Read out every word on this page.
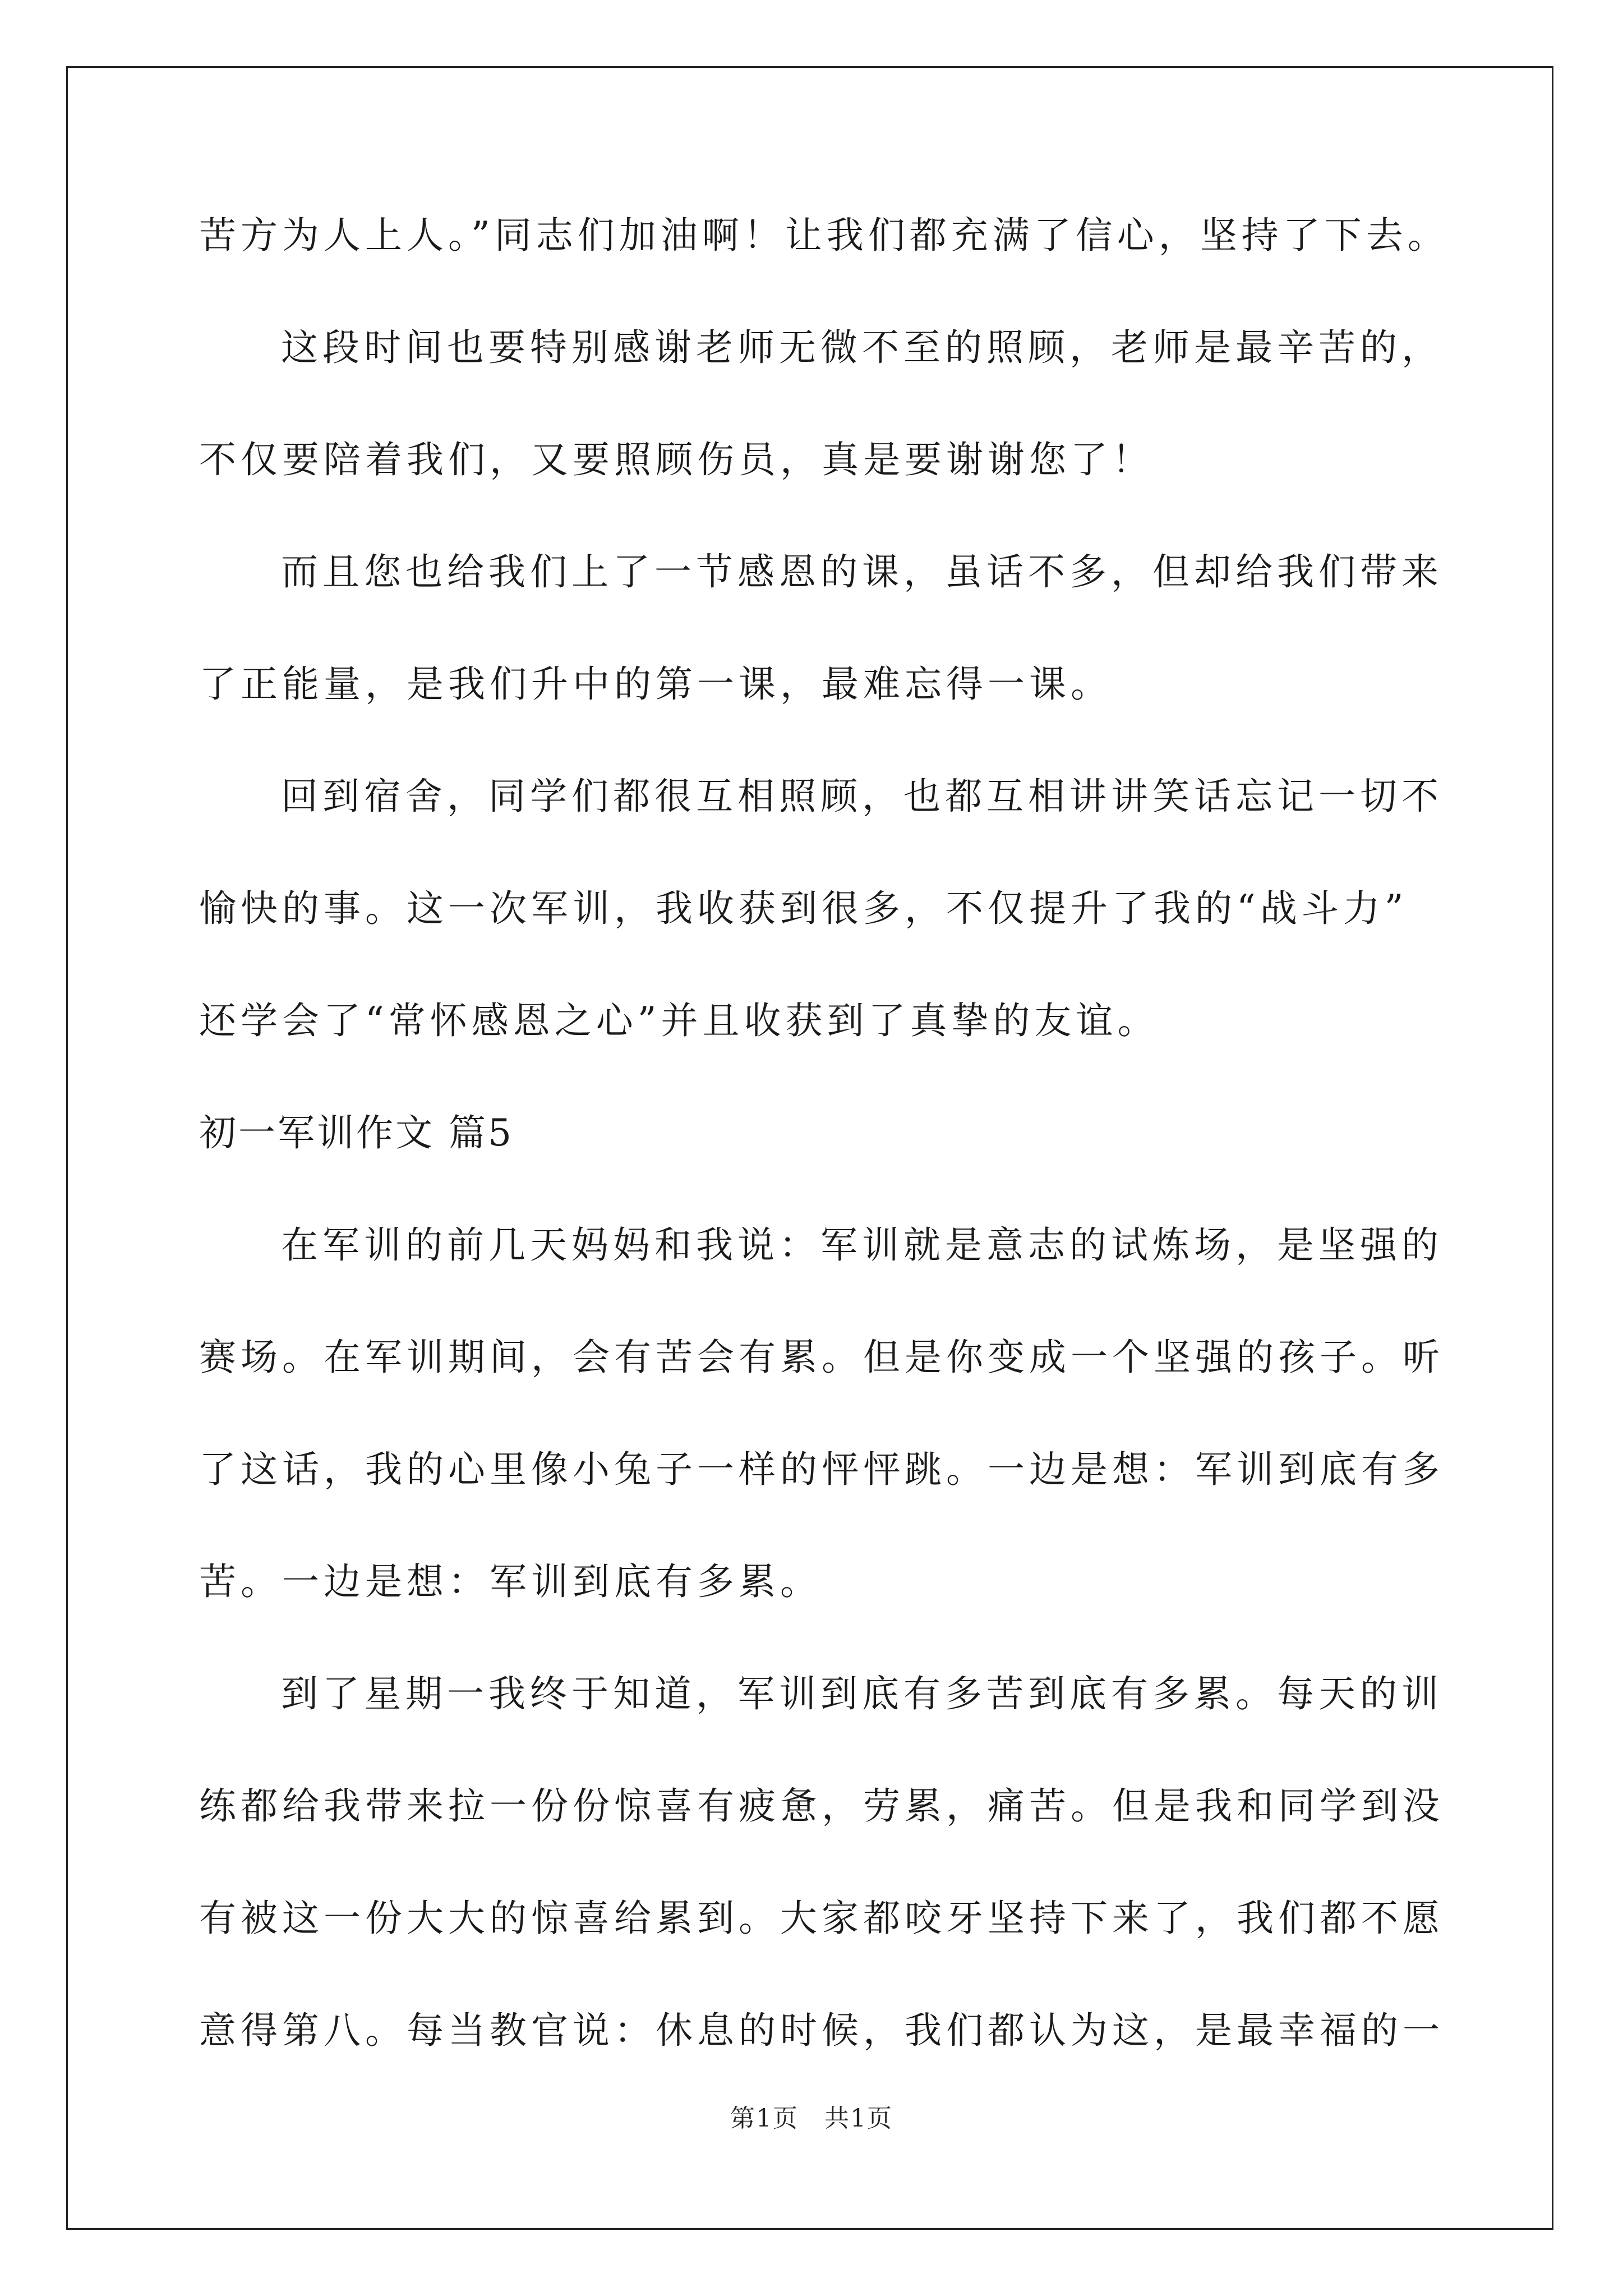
苦方为人上人。”同志们加油啊！让我们都充满了信心，坚持了下去。

这段时间也要特别感谢老师无微不至的照顾，老师是最辛苦的，

不仅要陪着我们，又要照顾伤员，真是要谢谢您了！

而且您也给我们上了一节感恩的课，虽话不多，但却给我们带来

了正能量，是我们升中的第一课，最难忘得一课。

回到宿舍，同学们都很互相照顾，也都互相讲讲笑话忘记一切不

愉快的事。这一次军训，我收获到很多，不仅提升了我的“战斗力”

还学会了“常怀感恩之心”并且收获到了真挚的友谊。

初一军训作文 篇5

在军训的前几天妈妈和我说：军训就是意志的试炼场，是坚强的

赛场。在军训期间，会有苦会有累。但是你变成一个坚强的孩子。听

了这话，我的心里像小兔子一样的怦怦跳。一边是想：军训到底有多

苦。一边是想：军训到底有多累。

到了星期一我终于知道，军训到底有多苦到底有多累。每天的训

练都给我带来拉一份份惊喜有疲惫，劳累，痛苦。但是我和同学到没

有被这一份大大的惊喜给累到。大家都咬牙坚持下来了，我们都不愿

意得第八。每当教官说：休息的时候，我们都认为这，是最幸福的一

第1页　共1页
